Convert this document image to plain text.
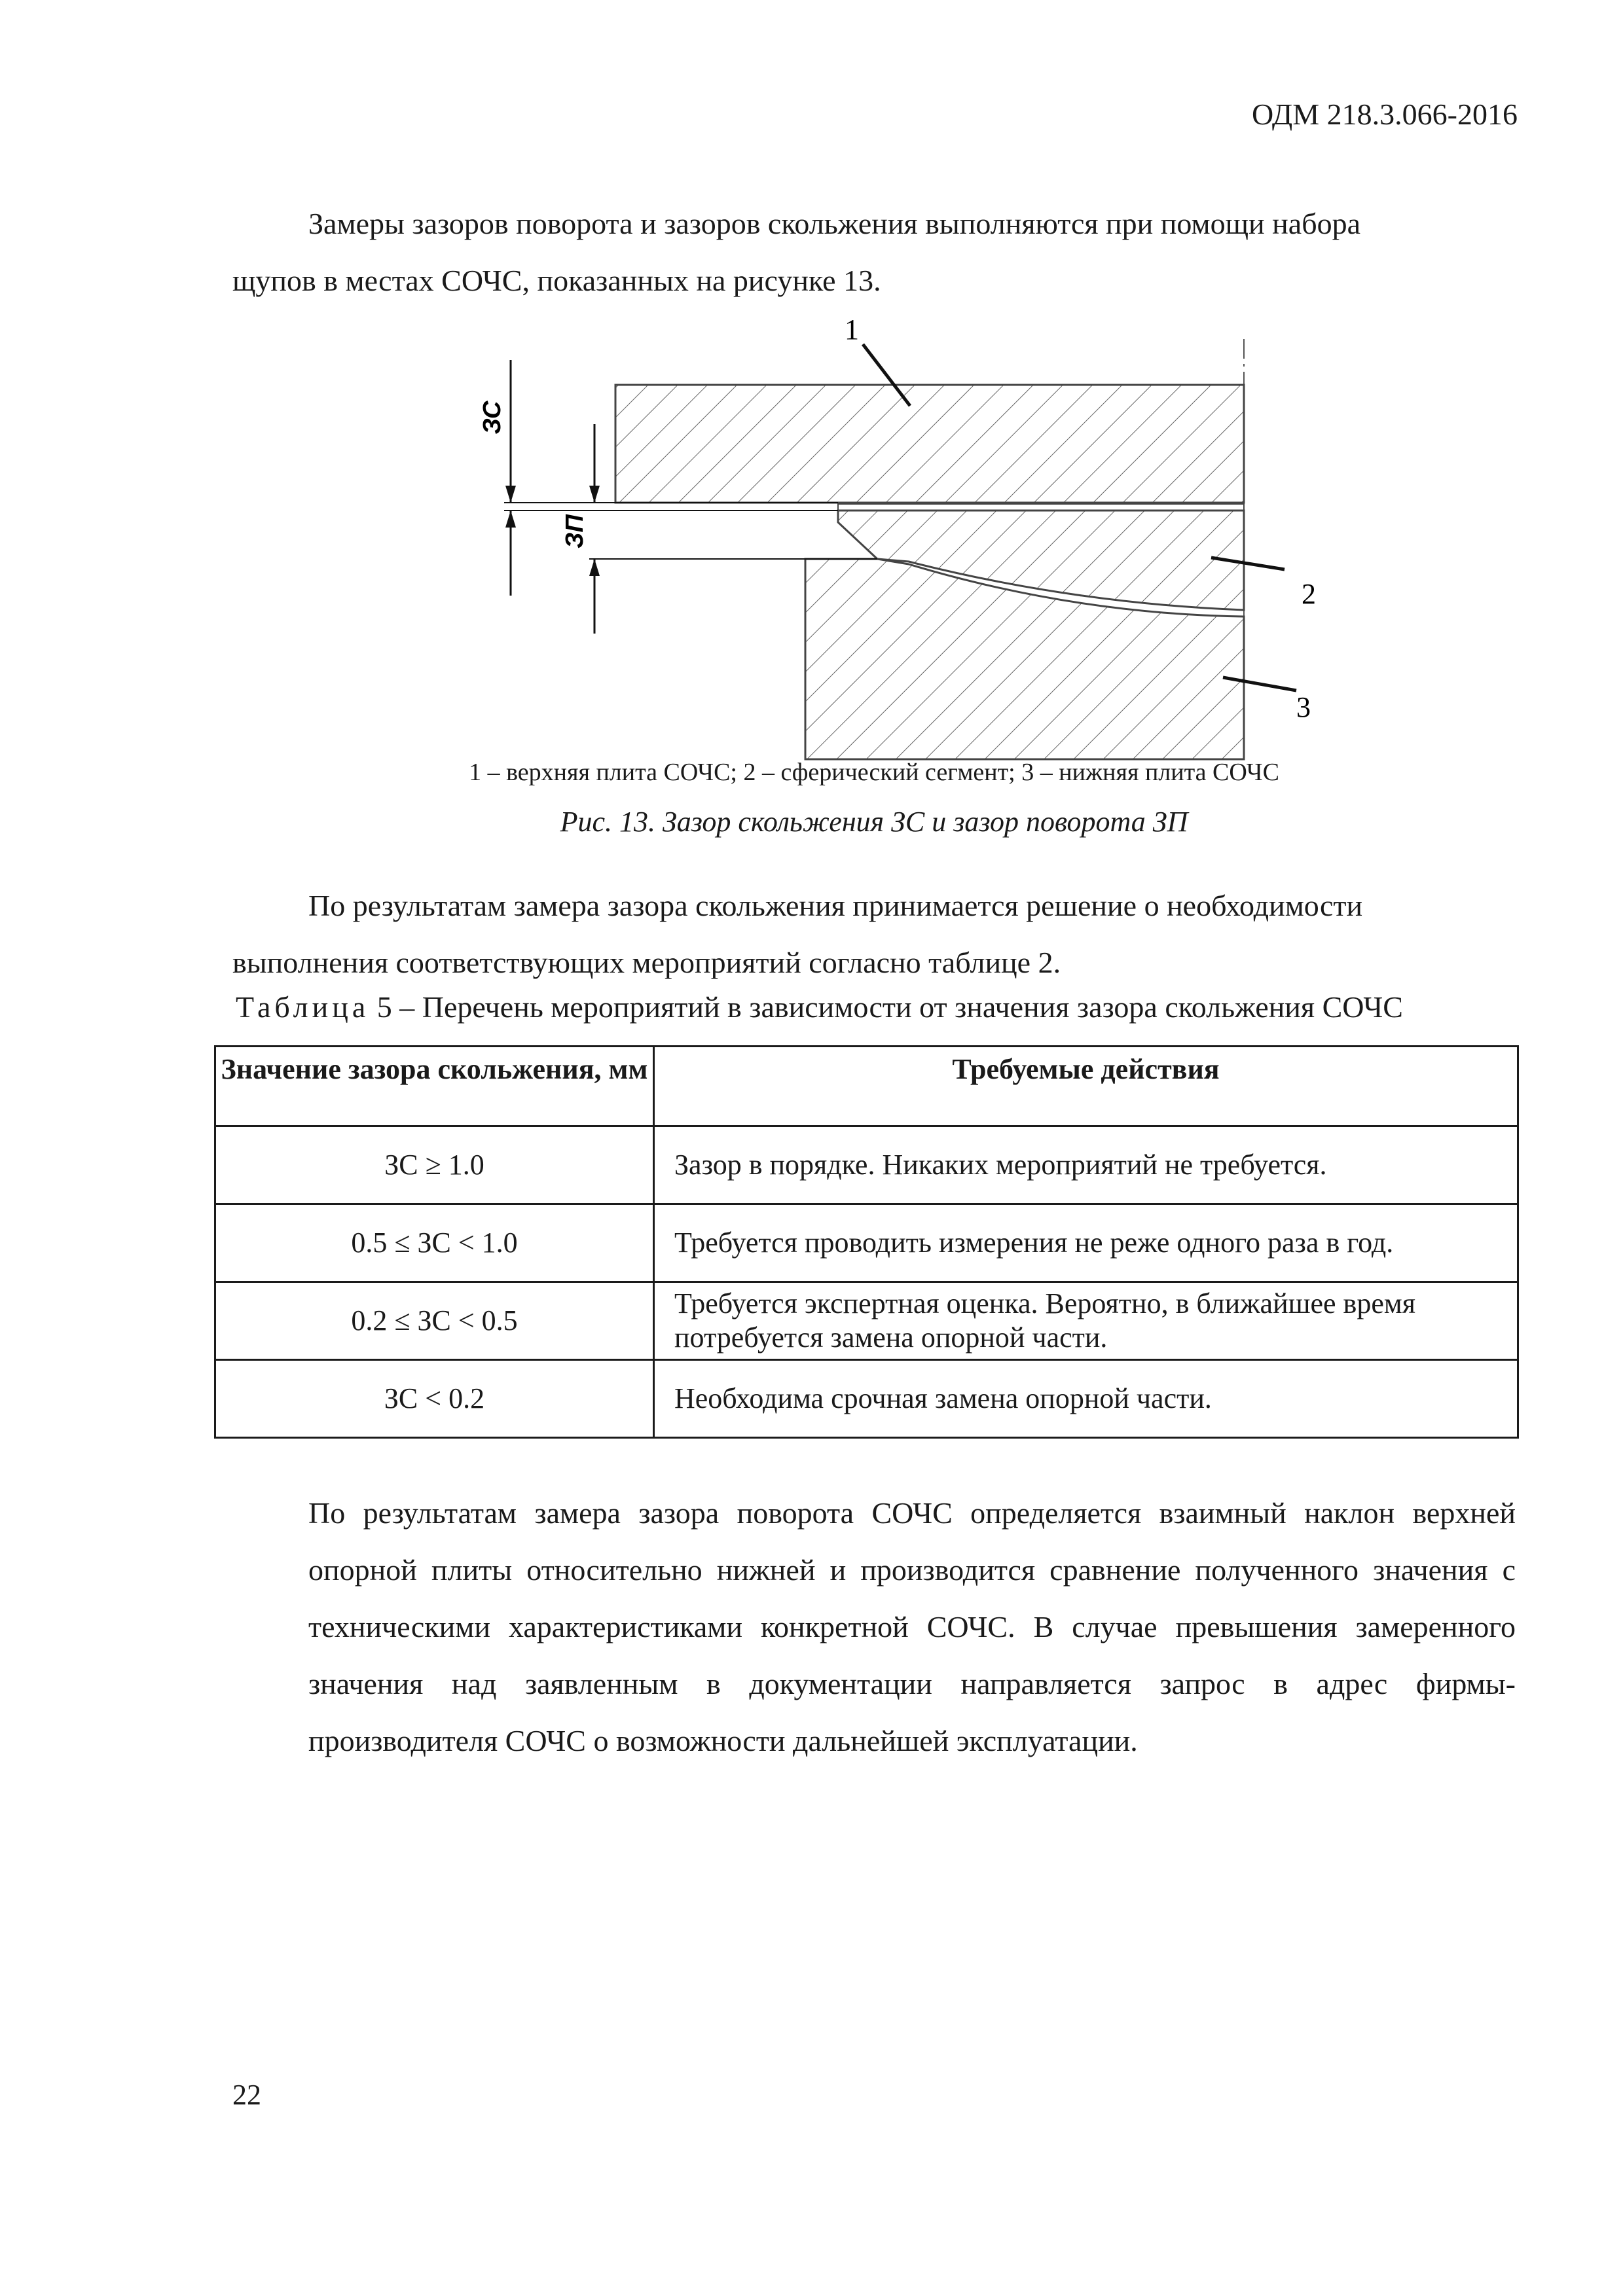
ОДМ 218.3.066-2016
Замеры зазоров поворота и зазоров скольжения выполняются при помощи набора
щупов в местах СОЧС, показанных на рисунке 13.
1
2
3
ЗС
ЗП
1 – верхняя плита СОЧС; 2 – сферический сегмент; 3 – нижняя плита СОЧС
Рис. 13. Зазор скольжения ЗС и зазор поворота ЗП
По результатам замера зазора скольжения принимается решение о необходимости
выполнения соответствующих мероприятий согласно таблице 2.
Таблица 5 – Перечень мероприятий в зависимости от значения зазора скольжения СОЧС
Значение зазора скольжения, мм	Требуемые действия
ЗС ≥ 1.0	Зазор в порядке. Никаких мероприятий не требуется.
0.5 ≤ ЗС < 1.0	Требуется проводить измерения не реже одного раза в год.
0.2 ≤ ЗС < 0.5	Требуется экспертная оценка. Вероятно, в ближайшее время потребуется замена опорной части.
ЗС < 0.2	Необходима срочная замена опорной части.
По результатам замера зазора поворота СОЧС определяется взаимный наклон верхней опорной плиты относительно нижней и производится сравнение полученного значения с техническими характеристиками конкретной СОЧС. В случае превышения замеренного значения над заявленным в документации направляется запрос в адрес фирмы-производителя СОЧС о возможности дальнейшей эксплуатации.
22
